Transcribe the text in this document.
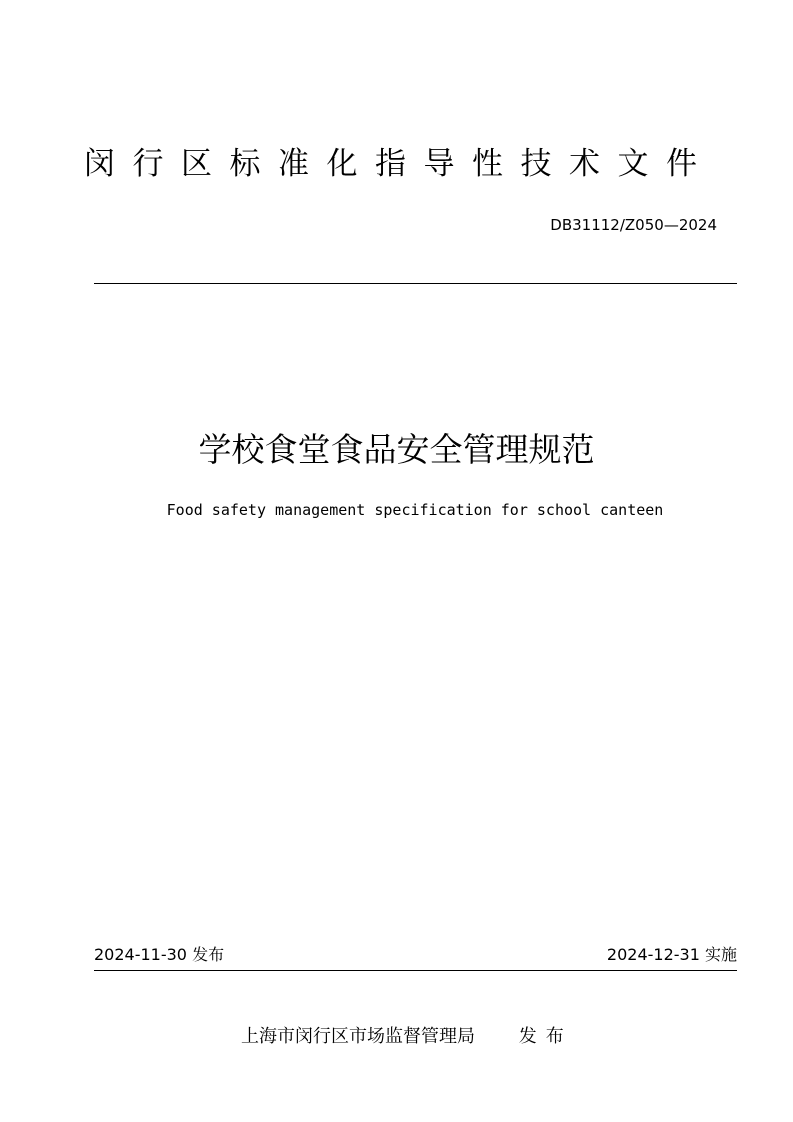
闵行区标准化指导性技术文件
DB31112/Z050—2024
学校食堂食品安全管理规范
Food safety management specification for school canteen
2024-11-30 发布	2024-12-31 实施
上海市闵行区市场监督管理局 发布
